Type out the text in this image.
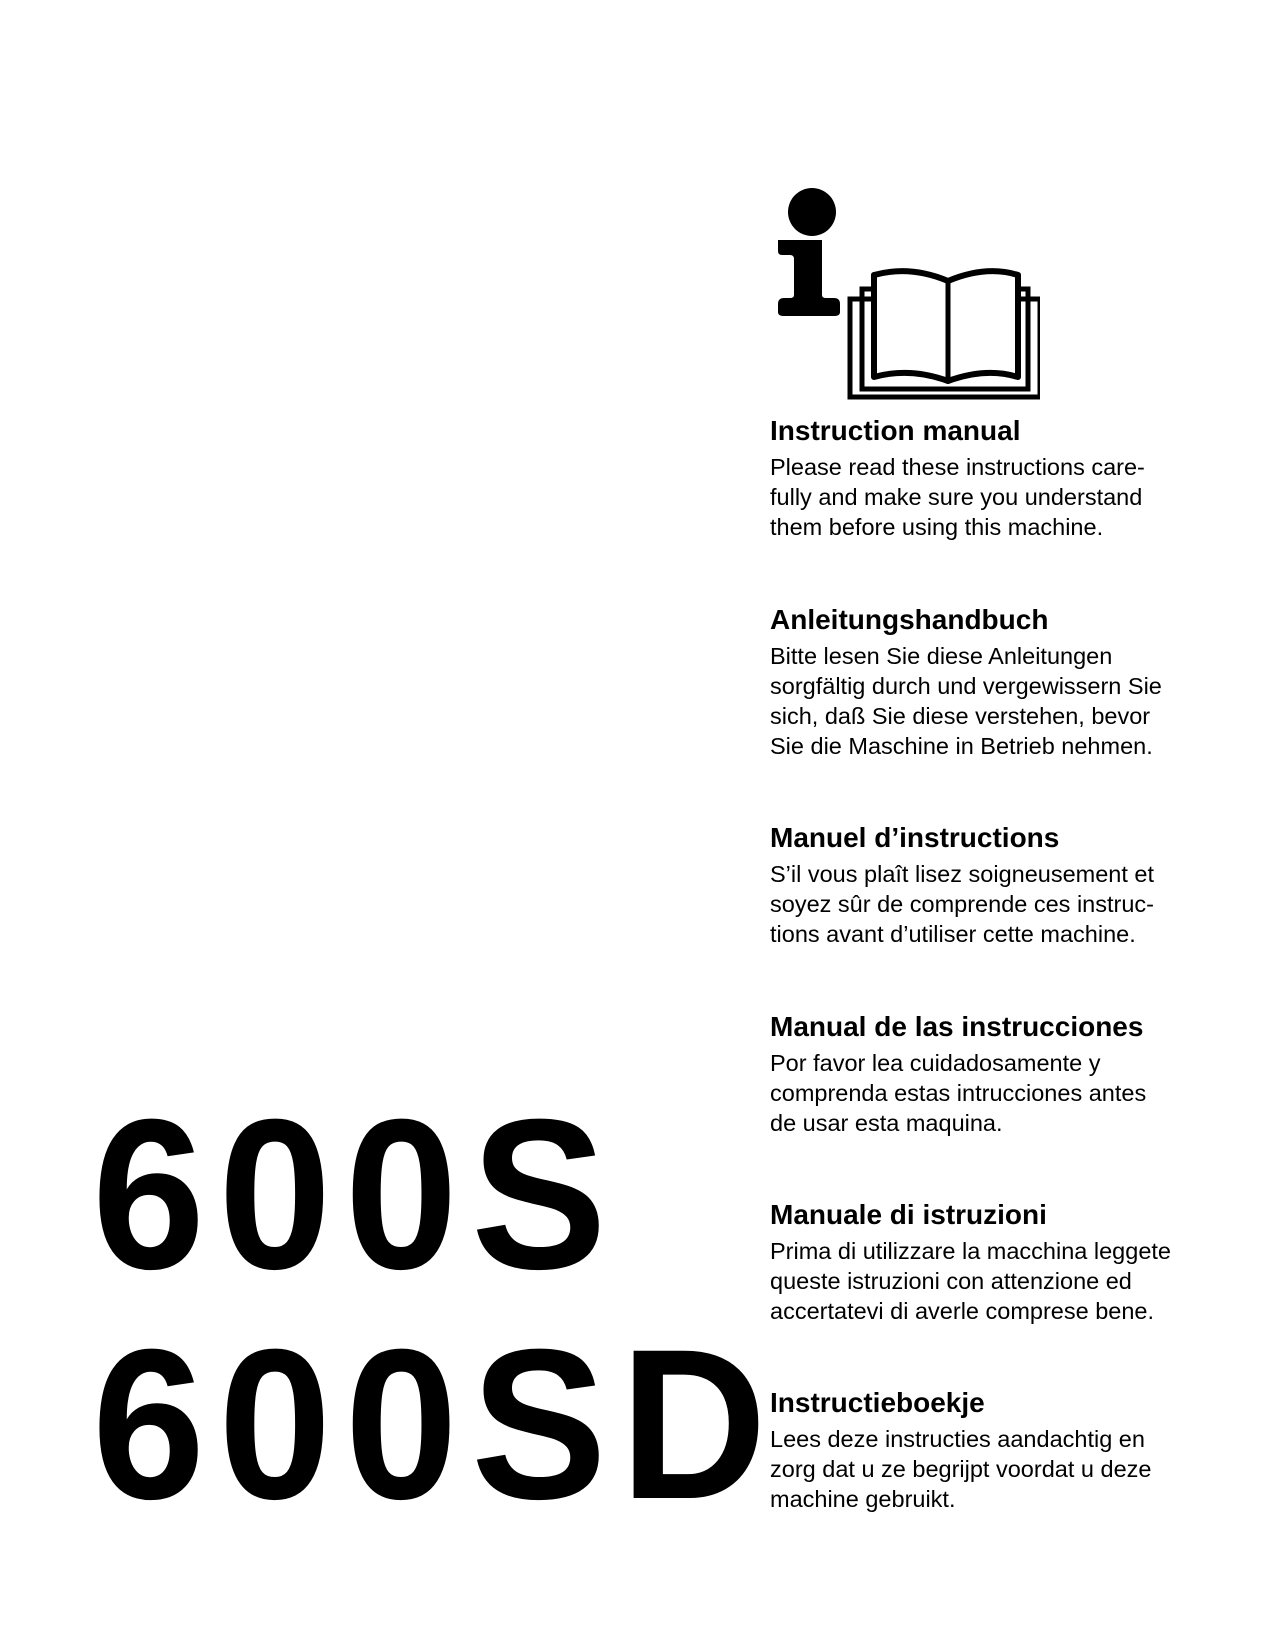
Instruction manual

Please read these instructions care-
fully and make sure you understand
them before using this machine.

Anleitungshandbuch

Bitte lesen Sie diese Anleitungen
sorgfältig durch und vergewissern Sie
sich, daß Sie diese verstehen, bevor
Sie die Maschine in Betrieb nehmen.

Manuel d’instructions

S’il vous plaît lisez soigneusement et
soyez sûr de comprende ces instruc-
tions avant d’utiliser cette machine.

Manual de las instrucciones

Por favor lea cuidadosamente y
comprenda estas intrucciones antes
de usar esta maquina.

Manuale di istruzioni

Prima di utilizzare la macchina leggete
queste istruzioni con attenzione ed
accertatevi di averle comprese bene.

Instructieboekje

Lees deze instructies aandachtig en
zorg dat u ze begrijpt voordat u deze
machine gebruikt.

600S
600SD
